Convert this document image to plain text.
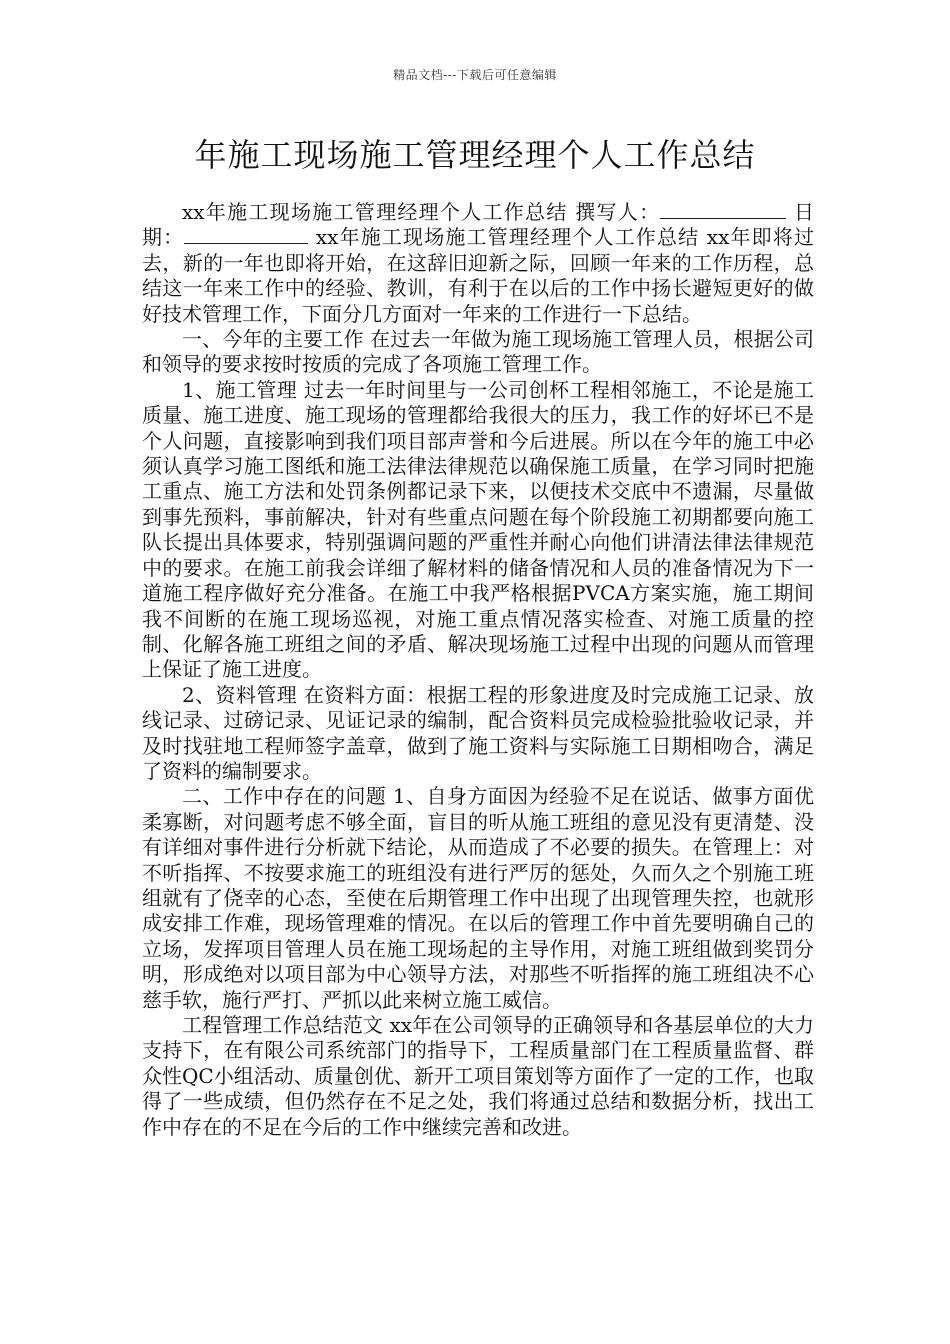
精品文档---下载后可任意编辑
年施工现场施工管理经理个人工作总结

xx年施工现场施工管理经理个人工作总结 撰写人：	日 期：	xx年施工现场施工管理经理个人工作总结 xx年即将过去，新的一年也即将开始，在这辞旧迎新之际，回顾一年来的工作历程，总结这一年来工作中的经验、教训，有利于在以后的工作中扬长避短更好的做好技术管理工作，下面分几方面对一年来的工作进行一下总结。

一、今年的主要工作 在过去一年做为施工现场施工管理人员，根据公司和领导的要求按时按质的完成了各项施工管理工作。

1、施工管理 过去一年时间里与一公司创杯工程相邻施工，不论是施工质量、施工进度、施工现场的管理都给我很大的压力，我工作的好坏已不是个人问题，直接影响到我们项目部声誉和今后进展。所以在今年的施工中必须认真学习施工图纸和施工法律法律规范以确保施工质量，在学习同时把施工重点、施工方法和处罚条例都记录下来，以便技术交底中不遗漏，尽量做到事先预料，事前解决，针对有些重点问题在每个阶段施工初期都要向施工队长提出具体要求，特别强调问题的严重性并耐心向他们讲清法律法律规范中的要求。在施工前我会详细了解材料的储备情况和人员的准备情况为下一道施工程序做好充分准备。在施工中我严格根据PVCA方案实施，施工期间我不间断的在施工现场巡视，对施工重点情况落实检查、对施工质量的控制、化解各施工班组之间的矛盾、解决现场施工过程中出现的问题从而管理上保证了施工进度。

2、资料管理 在资料方面：根据工程的形象进度及时完成施工记录、放线记录、过磅记录、见证记录的编制，配合资料员完成检验批验收记录，并及时找驻地工程师签字盖章，做到了施工资料与实际施工日期相吻合，满足了资料的编制要求。

二、工作中存在的问题 1、自身方面因为经验不足在说话、做事方面优柔寡断，对问题考虑不够全面，盲目的听从施工班组的意见没有更清楚、没有详细对事件进行分析就下结论，从而造成了不必要的损失。在管理上：对不听指挥、不按要求施工的班组没有进行严厉的惩处，久而久之个别施工班组就有了侥幸的心态，至使在后期管理工作中出现了出现管理失控，也就形成安排工作难，现场管理难的情况。在以后的管理工作中首先要明确自己的立场，发挥项目管理人员在施工现场起的主导作用，对施工班组做到奖罚分明，形成绝对以项目部为中心领导方法，对那些不听指挥的施工班组决不心慈手软，施行严打、严抓以此来树立施工威信。

工程管理工作总结范文 xx年在公司领导的正确领导和各基层单位的大力支持下，在有限公司系统部门的指导下，工程质量部门在工程质量监督、群众性QC小组活动、质量创优、新开工项目策划等方面作了一定的工作，也取得了一些成绩，但仍然存在不足之处，我们将通过总结和数据分析，找出工作中存在的不足在今后的工作中继续完善和改进。
